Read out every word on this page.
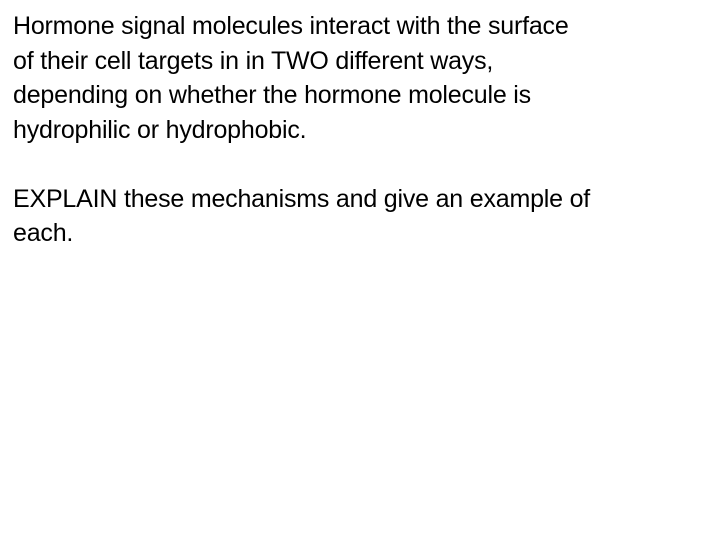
Hormone signal molecules interact with the surface
of their cell targets in in TWO different ways,
depending on whether the hormone molecule is
hydrophilic or hydrophobic.

EXPLAIN these mechanisms and give an example of
each.
